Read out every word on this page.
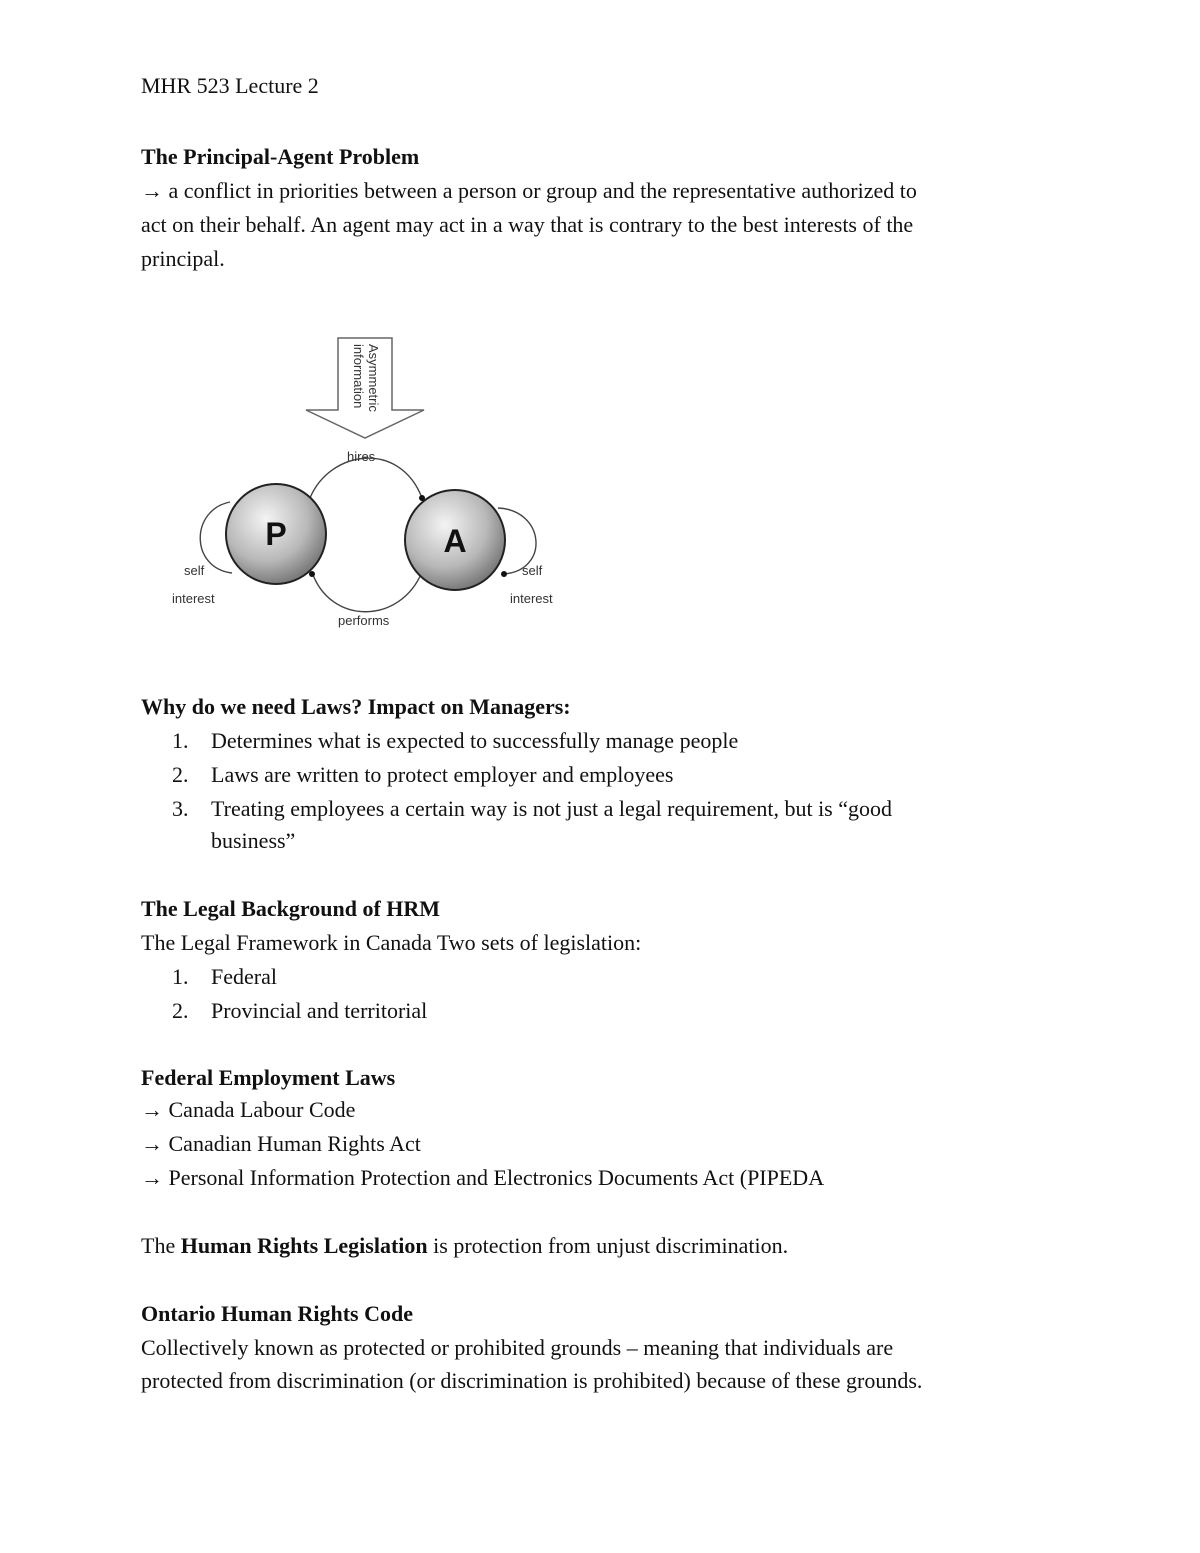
MHR 523 Lecture 2
The Principal-Agent Problem
→ a conflict in priorities between a person or group and the representative authorized to
act on their behalf. An agent may act in a way that is contrary to the best interests of the
principal.
Asymmetric
information
hires
performs
self
interest
self
interest
P	A
Why do we need Laws? Impact on Managers:
1. Determines what is expected to successfully manage people
2. Laws are written to protect employer and employees
3. Treating employees a certain way is not just a legal requirement, but is “good
business”
The Legal Background of HRM
The Legal Framework in Canada Two sets of legislation:
1. Federal
2. Provincial and territorial
Federal Employment Laws
→ Canada Labour Code
→ Canadian Human Rights Act
→ Personal Information Protection and Electronics Documents Act (PIPEDA
The Human Rights Legislation is protection from unjust discrimination.
Ontario Human Rights Code
Collectively known as protected or prohibited grounds – meaning that individuals are
protected from discrimination (or discrimination is prohibited) because of these grounds.
